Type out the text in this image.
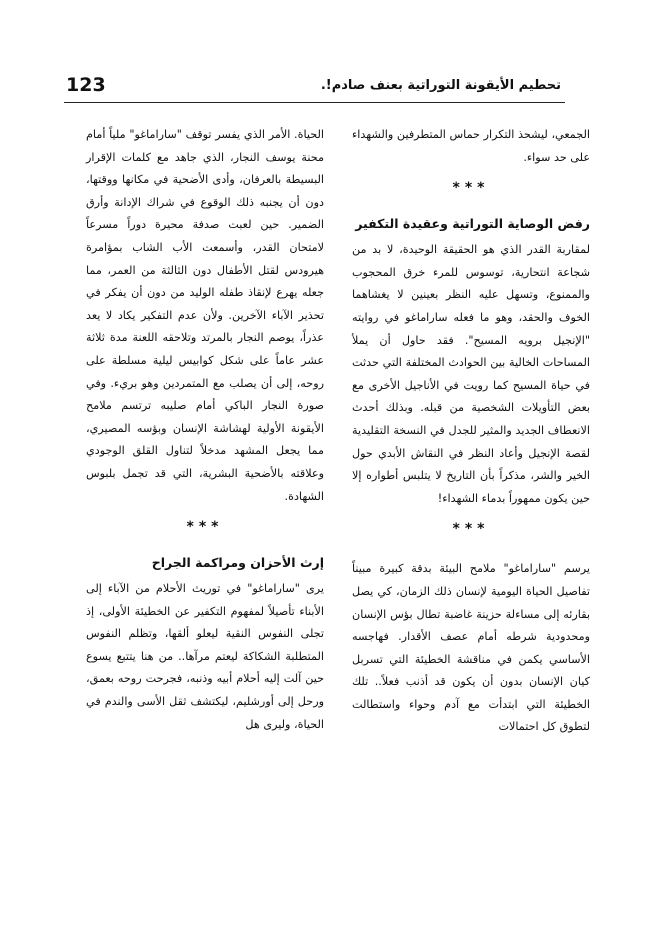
123	تحطيم الأيقونة التوراتية بعنف صادم!.

الجمعي، ليشحذ التكرار حماس المتطرفين والشهداء على حد سواء.

***
رفض الوصاية التوراتية وعقيدة التكفير

لمقاربة القدر الذي هو الحقيقة الوحيدة، لا بد من شجاعة انتحارية، توسوس للمرء خرق المحجوب والممنوع، وتسهل عليه النظر بعينين لا يغشاهما الخوف والحقد، وهو ما فعله ساراماغو في روايته "الإنجيل برويه المسيح". فقد حاول أن يملأ المساحات الخالية بين الحوادث المختلفة التي حدثت في حياة المسيح كما رويت في الأناجيل الأخرى مع بعض التأويلات الشخصية من قبله. وبذلك أحدث الانعطاف الجديد والمثير للجدل في النسخة التقليدية لقصة الإنجيل وأعاد النظر في النقاش الأبدي حول الخير والشر، مذكراً بأن التاريخ لا يتلبس أطواره إلا حين يكون ممهوراً بدماء الشهداء!

***

يرسم "ساراماغو" ملامح البيئة بدقة كبيرة مبيناً تفاصيل الحياة اليومية لإنسان ذلك الزمان، كي يصل بقارئه إلى مساءلة حزينة غاضبة تطال بؤس الإنسان ومحدودية شرطه أمام عصف الأقدار. فهاجسه الأساسي يكمن في مناقشة الخطيئة التي تسربل كيان الإنسان بدون أن يكون قد أذنب فعلاً.. تلك الخطيئة التي ابتدأت مع آدم وحواء واستطالت لتطوق كل احتمالات

الحياة. الأمر الذي يفسر توقف "ساراماغو" ملياً أمام محنة يوسف النجار، الذي جاهد مع كلمات الإقرار البسيطة بالعرفان، وأدى الأضحية في مكانها ووقتها، دون أن يجنبه ذلك الوقوع في شراك الإدانة وأرق الضمير. حين لعبت صدفة محيرة دوراً مسرعاً لامتحان القدر، وأسمعت الأب الشاب بمؤامرة هيرودس لقتل الأطفال دون الثالثة من العمر، مما جعله يهرع لإنقاذ طفله الوليد من دون أن يفكر في تحذير الآباء الآخرين. ولأن عدم التفكير يكاد لا يعد عذراً، يوصم النجار بالمرتد وتلاحقه اللعنة مدة ثلاثة عشر عاماً على شكل كوابيس ليلية مسلطة على روحه، إلى أن يصلب مع المتمردين وهو بريء. وفي صورة النجار الباكي أمام صليبه ترتسم ملامح الأيقونة الأولية لهشاشة الإنسان وبؤسه المصيري، مما يجعل المشهد مدخلاً لتناول القلق الوجودي وعلاقته بالأضحية البشرية، التي قد تجمل بلبوس الشهادة.

***
إرث الأحزان ومراكمة الجراح

يرى "ساراماغو" في توريث الأحلام من الآباء إلى الأبناء تأصيلاً لمفهوم التكفير عن الخطيئة الأولى، إذ تجلى النفوس النقية ليعلو ألقها، وتظلم النفوس المتطلبة الشكاكة ليعتم مرآها.. من هنا يتتبع يسوع حين آلت إليه أحلام أبيه وذنبه، فجرحت روحه بعمق، ورحل إلى أورشليم، ليكتشف ثقل الأسى والندم في الحياة، وليرى هل
